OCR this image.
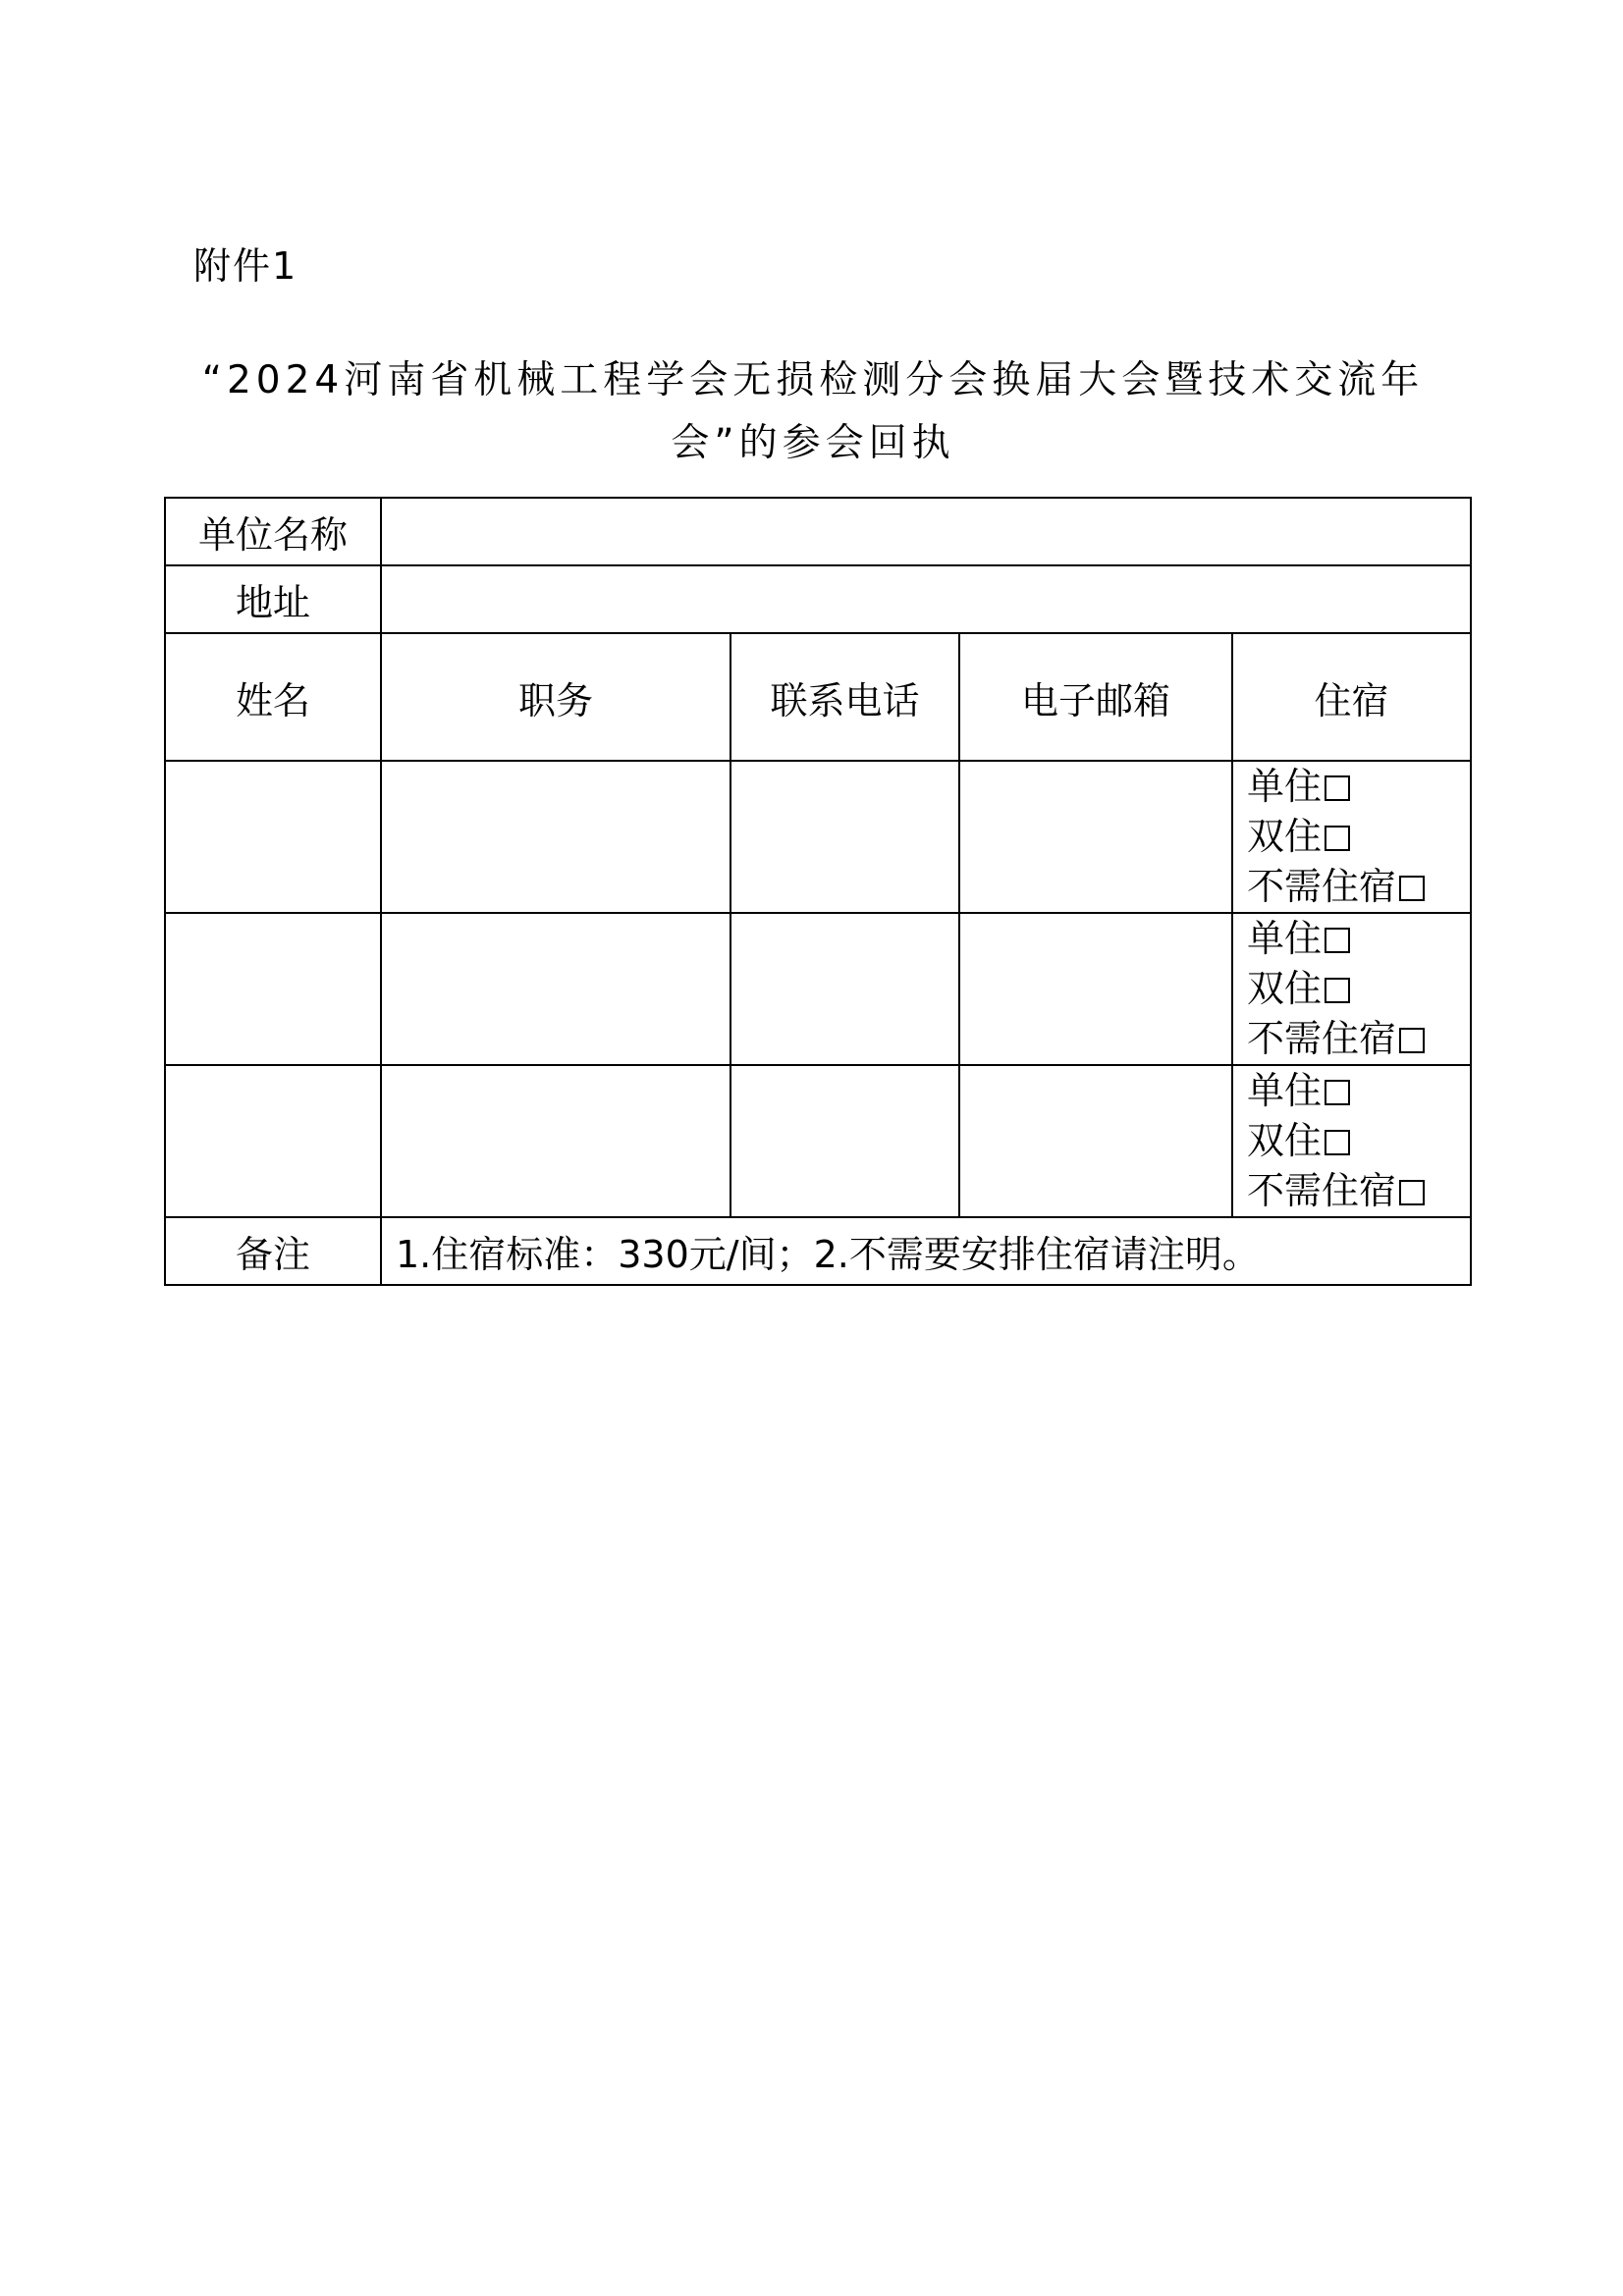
附件1
“2024河南省机械工程学会无损检测分会换届大会暨技术交流年
会”的参会回执
单位名称				
地址				
姓名	职务	联系电话	电子邮箱	住宿

				单住
双住
不需住宿

				单住
双住
不需住宿

				单住
双住
不需住宿

备注	1.住宿标准：330元/间；2.不需要安排住宿请注明。			
